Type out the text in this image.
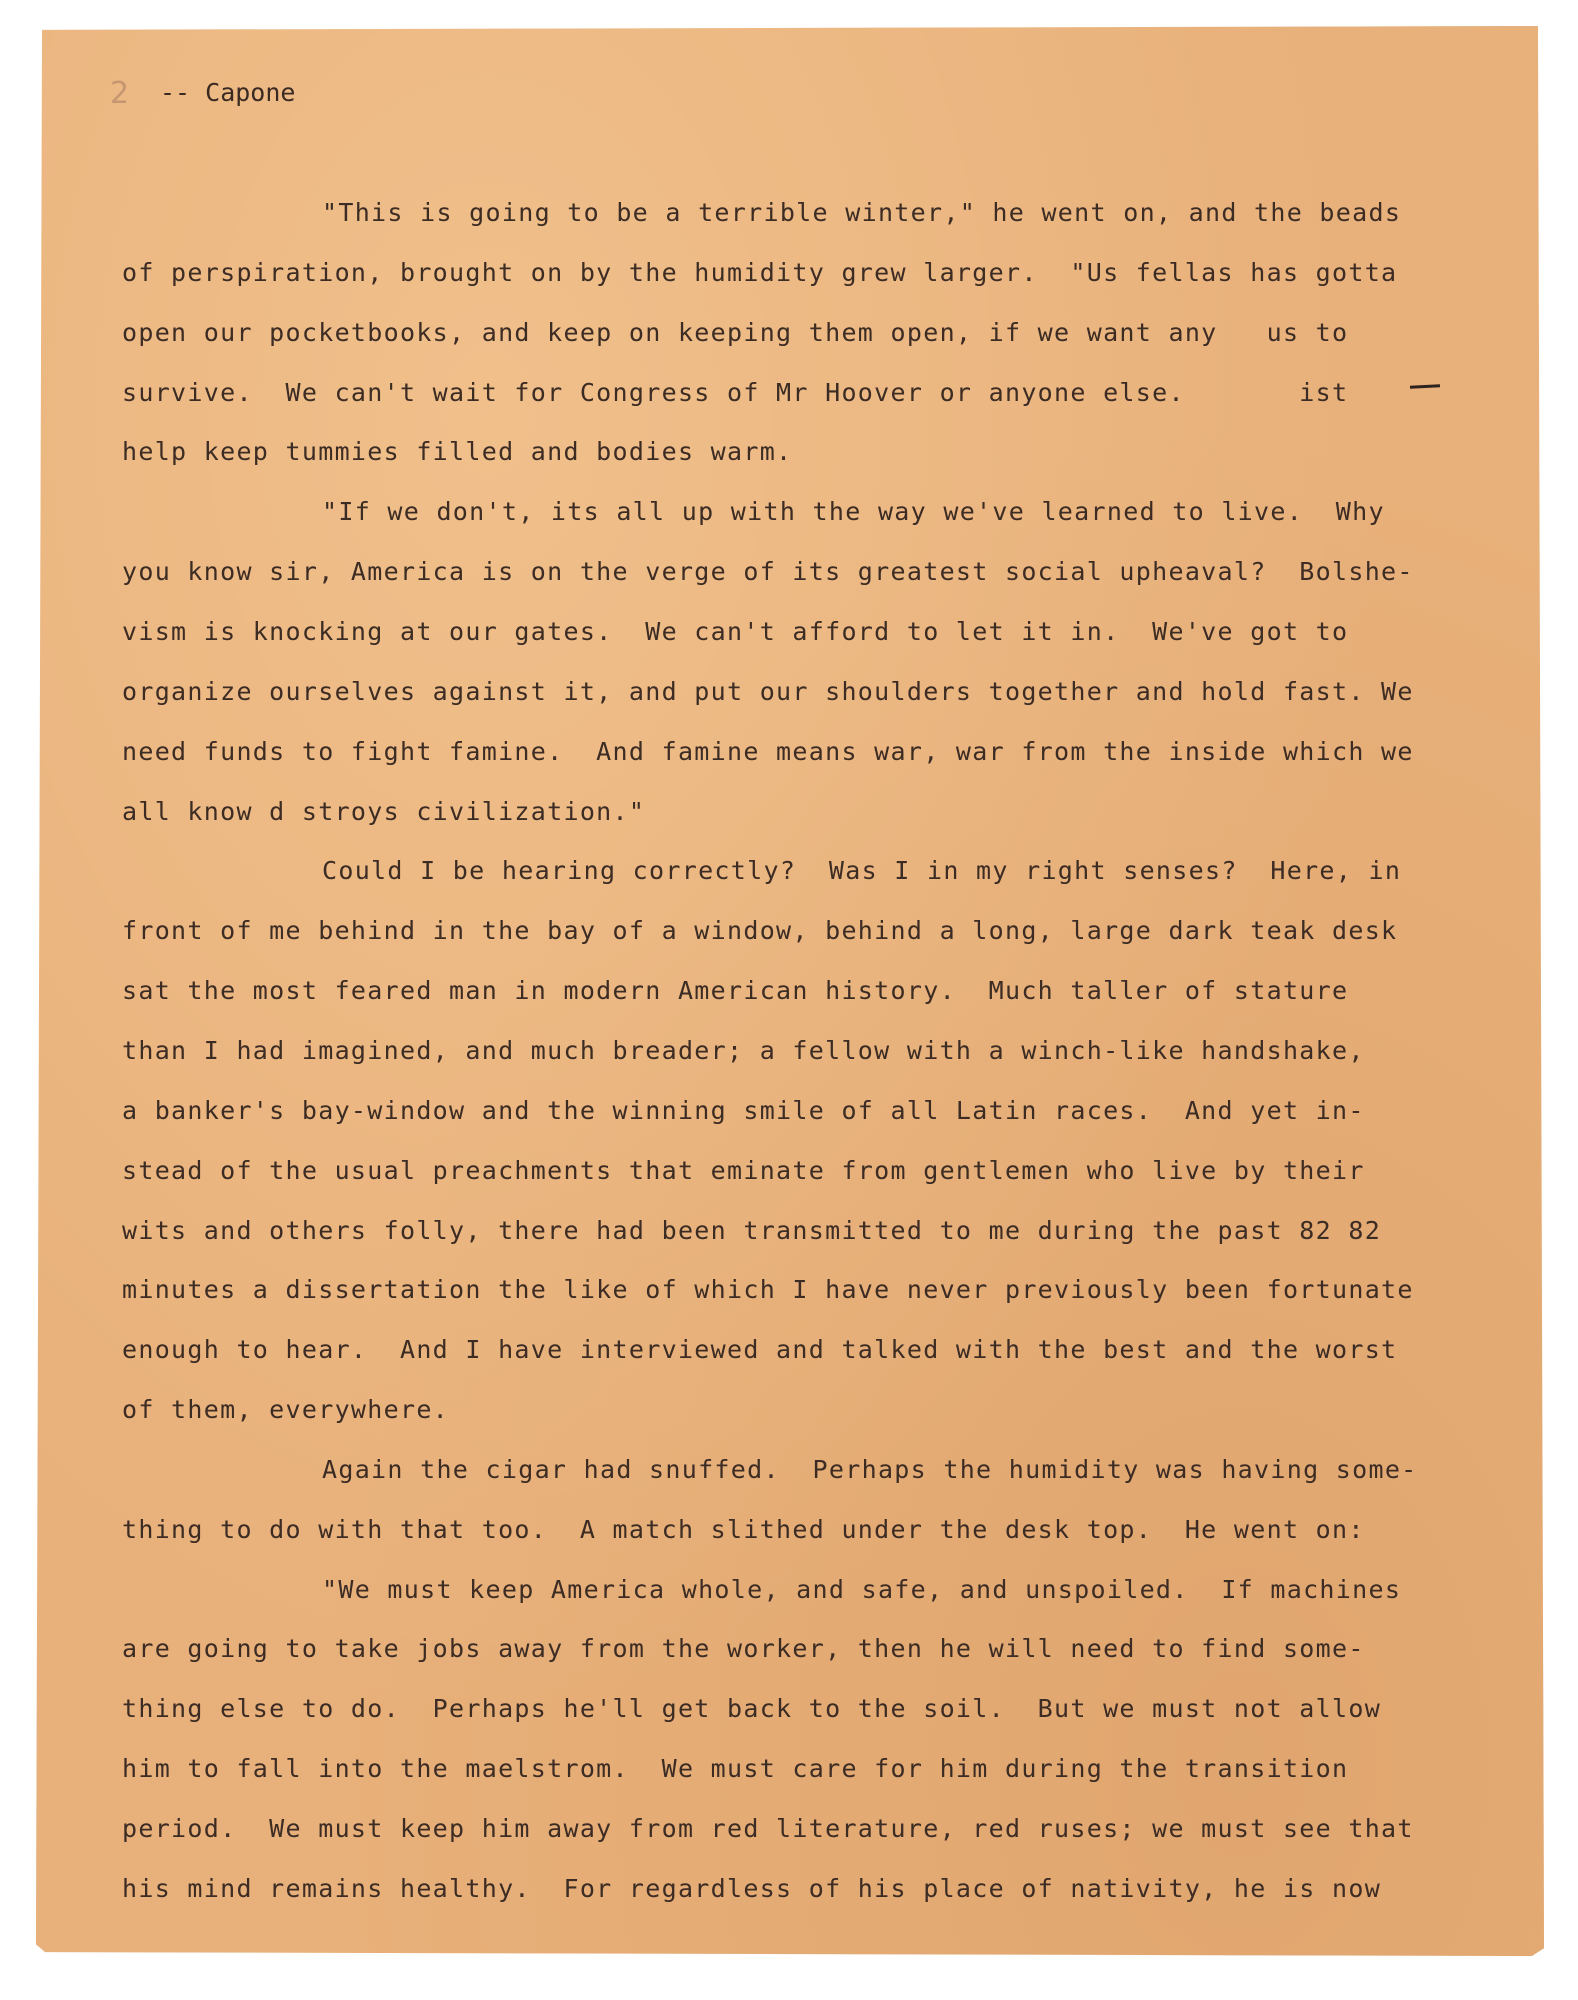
2 -- Capone
"This is going to be a terrible winter," he went on, and the beads
of perspiration, brought on by the humidity grew larger.  "Us fellas has gotta
open our pocketbooks, and keep on keeping them open, if we want any   us to
survive.  We can't wait for Congress of Mr Hoover or anyone else.       ist
help keep tummies filled and bodies warm.
"If we don't, its all up with the way we've learned to live.  Why
you know sir, America is on the verge of its greatest social upheaval?  Bolshe-
vism is knocking at our gates.  We can't afford to let it in.  We've got to
organize ourselves against it, and put our shoulders together and hold fast. We
need funds to fight famine.  And famine means war, war from the inside which we
all know d stroys civilization."
Could I be hearing correctly?  Was I in my right senses?  Here, in
front of me behind in the bay of a window, behind a long, large dark teak desk
sat the most feared man in modern American history.  Much taller of stature
than I had imagined, and much breader; a fellow with a winch-like handshake,
a banker's bay-window and the winning smile of all Latin races.  And yet in-
stead of the usual preachments that eminate from gentlemen who live by their
wits and others folly, there had been transmitted to me during the past 82 82
minutes a dissertation the like of which I have never previously been fortunate
enough to hear.  And I have interviewed and talked with the best and the worst
of them, everywhere.
Again the cigar had snuffed.  Perhaps the humidity was having some-
thing to do with that too.  A match slithed under the desk top.  He went on:
"We must keep America whole, and safe, and unspoiled.  If machines
are going to take jobs away from the worker, then he will need to find some-
thing else to do.  Perhaps he'll get back to the soil.  But we must not allow
him to fall into the maelstrom.  We must care for him during the transition
period.  We must keep him away from red literature, red ruses; we must see that
his mind remains healthy.  For regardless of his place of nativity, he is now
